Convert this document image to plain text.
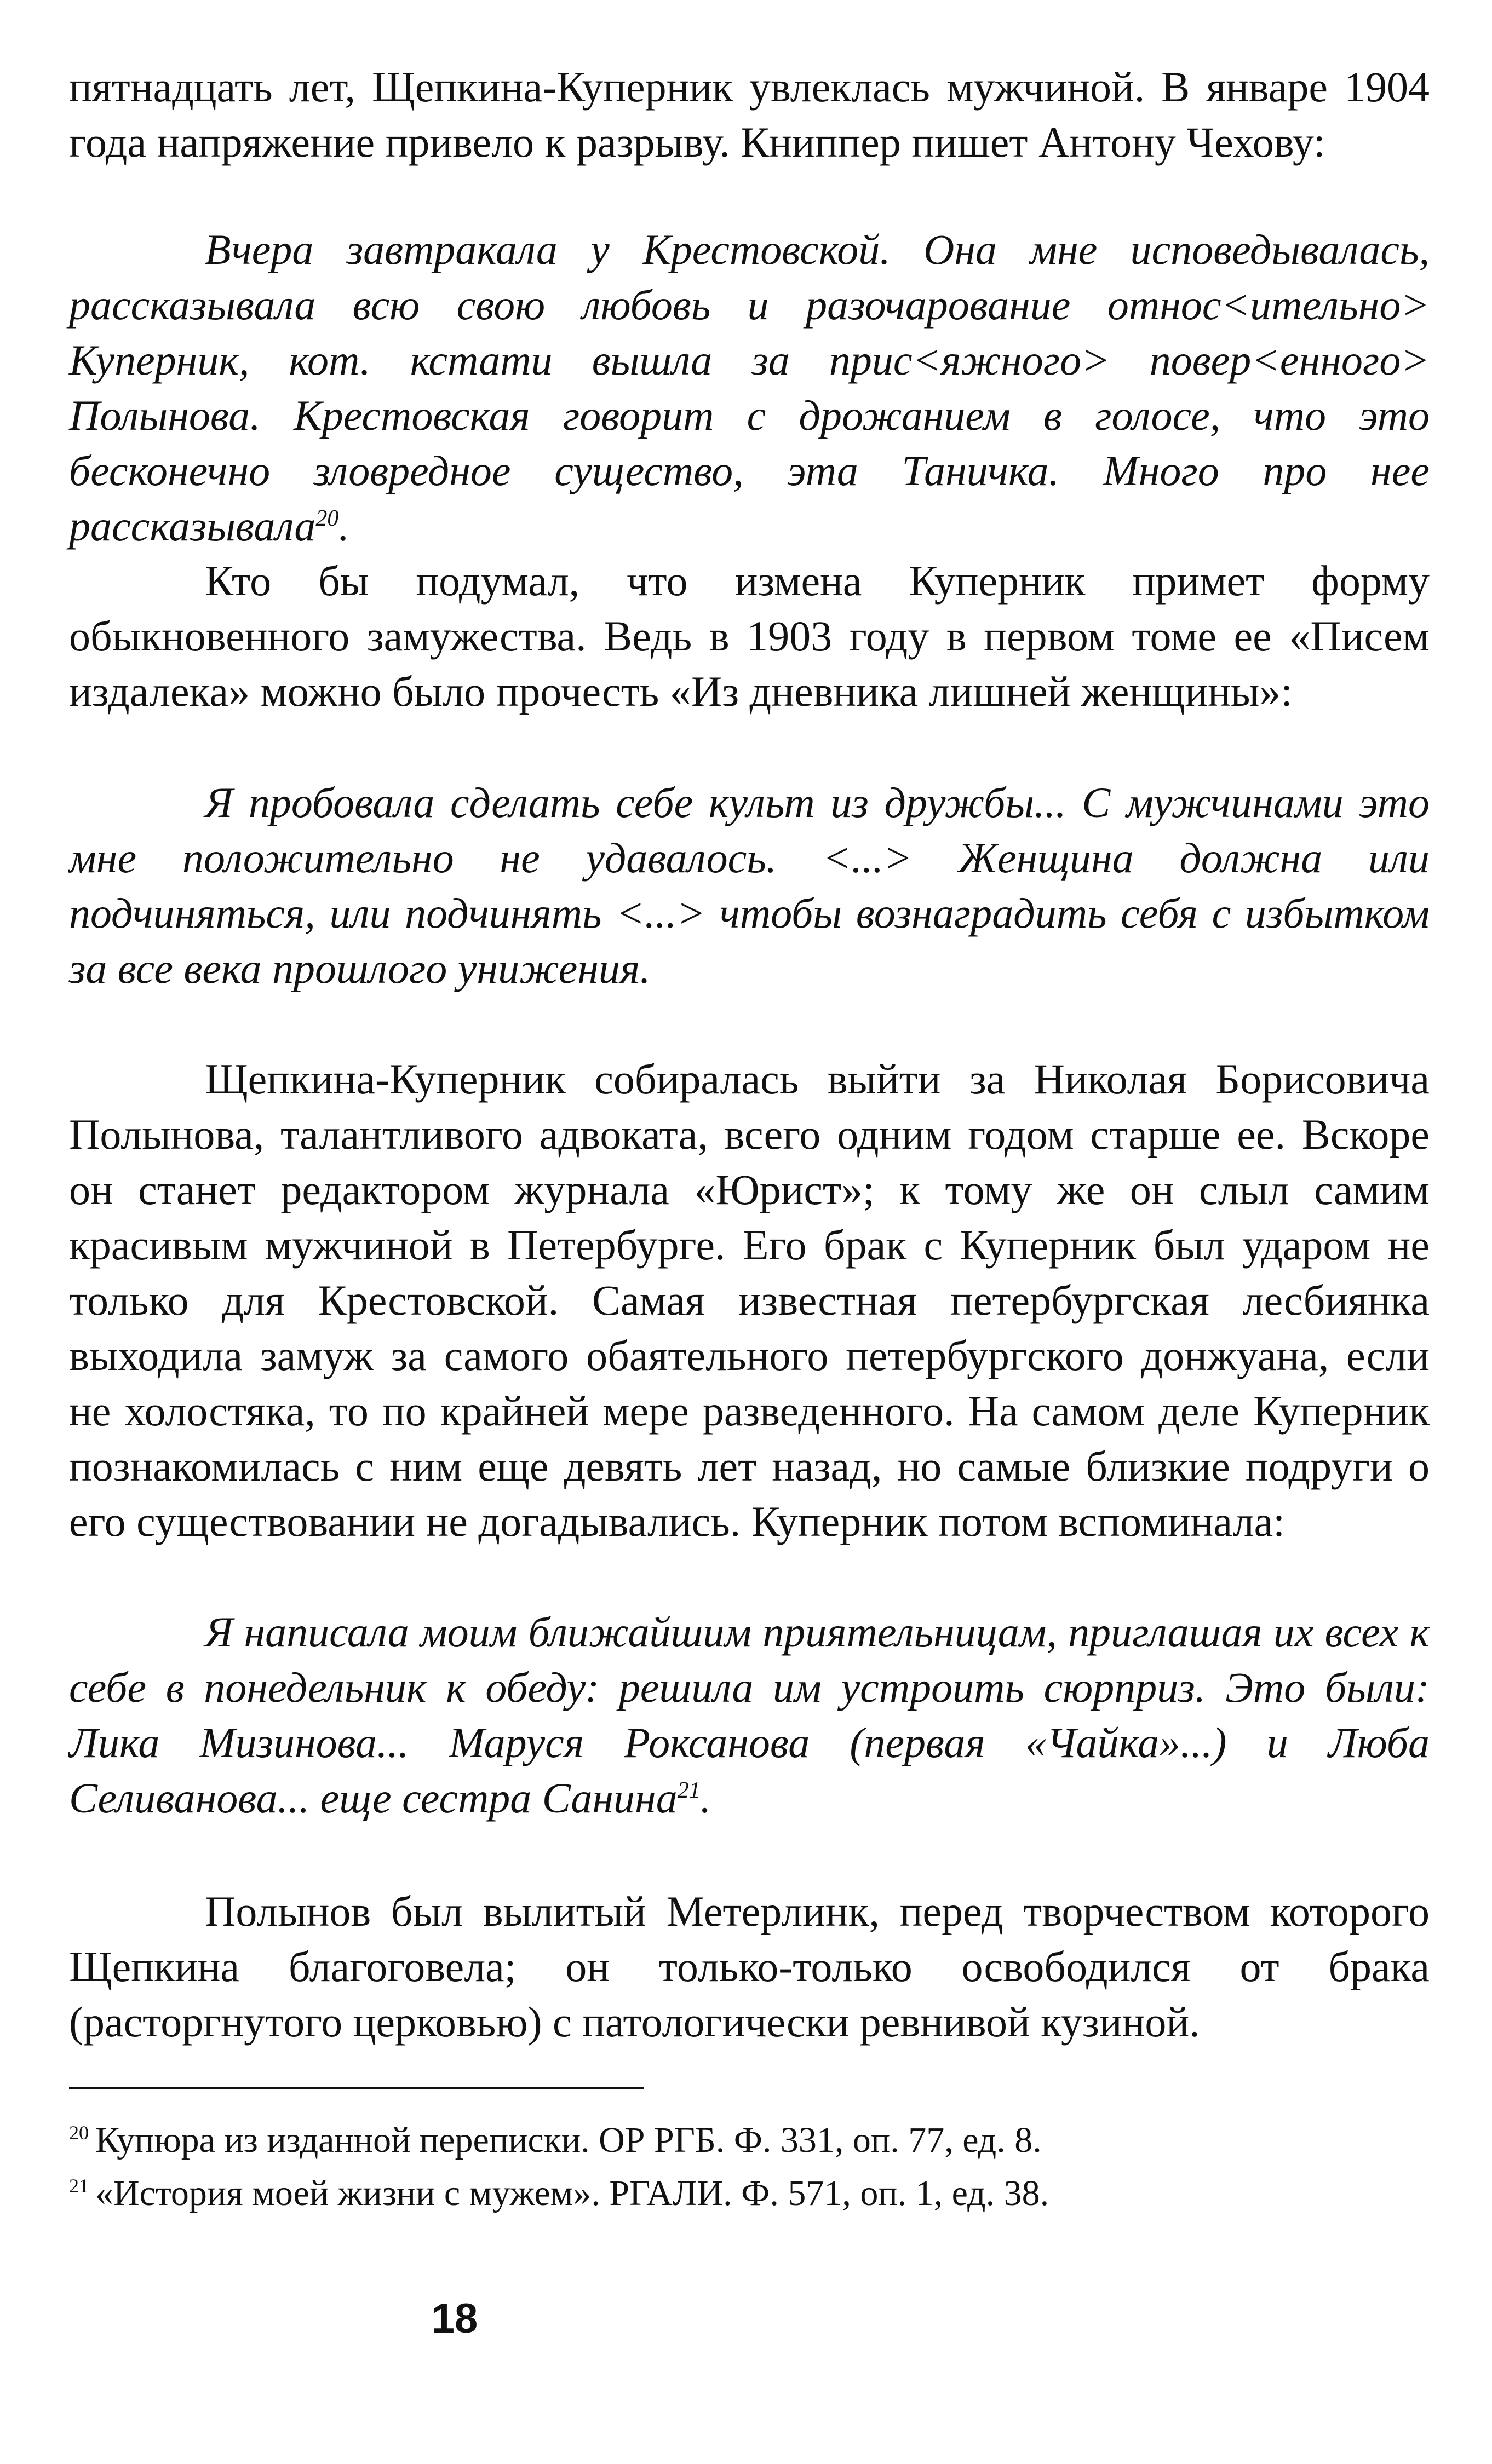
пятнадцать лет, Щепкина-Куперник увлеклась мужчиной. В январе 1904 года напряжение привело к разрыву. Книппер пишет Антону Чехову:

Вчера завтракала у Крестовской. Она мне исповедывалась, рассказывала всю свою любовь и разочарование относ<ительно> Куперник, кот. кстати вышла за прис<яжного> повер<енного> Полынова. Крестовская говорит с дрожанием в голосе, что это бесконечно зловредное существо, эта Таничка. Много про нее рассказывала$^{20}$.

Кто бы подумал, что измена Куперник примет форму обыкновенного замужества. Ведь в 1903 году в первом томе ее «Писем издалека» можно было прочесть «Из дневника лишней женщины»:

Я пробовала сделать себе культ из дружбы... С мужчинами это мне положительно не удавалось. <...> Женщина должна или подчиняться, или подчинять <...> чтобы вознаградить себя с избытком за все века прошлого унижения.

Щепкина-Куперник собиралась выйти за Николая Борисовича Полынова, талантливого адвоката, всего одним годом старше ее. Вскоре он станет редактором журнала «Юрист»; к тому же он слыл самим красивым мужчиной в Петербурге. Его брак с Куперник был ударом не только для Крестовской. Самая известная петербургская лесбиянка выходила замуж за самого обаятельного петербургского донжуана, если не холостяка, то по крайней мере разведенного. На самом деле Куперник познакомилась с ним еще девять лет назад, но самые близкие подруги о его существовании не догадывались. Куперник потом вспоминала:

Я написала моим ближайшим приятельницам, приглашая их всех к себе в понедельник к обеду: решила им устроить сюрприз. Это были: Лика Мизинова... Маруся Роксанова (первая «Чайка»...) и Люба Селиванова... еще сестра Санина$^{21}$.

Полынов был вылитый Метерлинк, перед творчеством которого Щепкина благоговела; он только-только освободился от брака (расторгнутого церковью) с патологически ревнивой кузиной.

$^{20}$ Купюра из изданной переписки. ОР РГБ. Ф. 331, оп. 77, ед. 8.

$^{21}$ «История моей жизни с мужем». РГАЛИ. Ф. 571, оп. 1, ед. 38.

18
